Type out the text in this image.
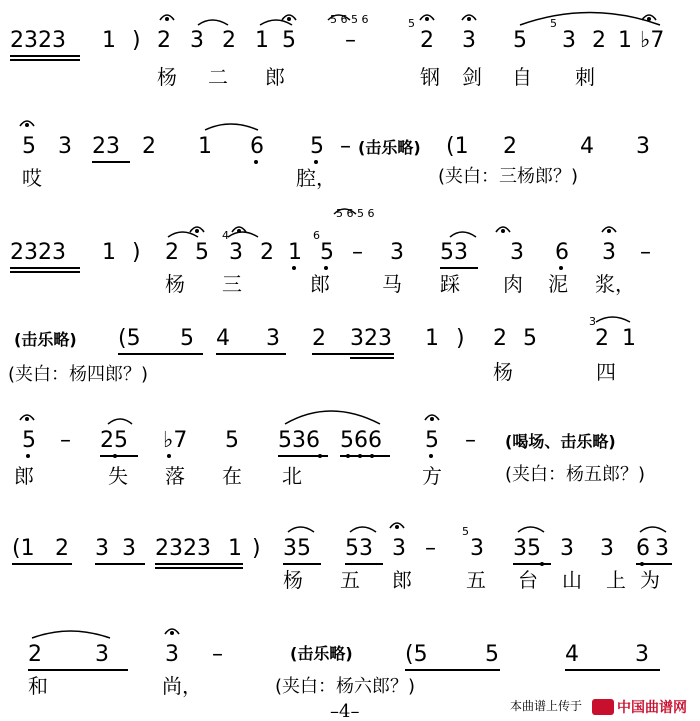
2323 1 ) 2 3 2 1 5 –	2 3 5 3 2 1 ♭7
5 6 5 6	5	5
杨 二 郎	钢 剑 自 刺
5 3 23 2 1 6 5 – (击乐略) (1 2	4 3
哎	腔，	(夹白：三杨郎？)
2323 1 ) 2 5 3 2 1 5 – 3 53 3 6 3 –
5 6 5 6
4	6
杨 三	郎	马 踩 肉 泥 浆，
(击乐略) (5 5 4 3 2 323 1 ) 2 5	2 1
3
(夹白：杨四郎？)	杨	四
5 – 25 ♭7 5 536 566 5 – (喝场、击乐略)
郎	失 落 在 北	方	(夹白：杨五郎？)
(1 2 3 3 2323 1 ) 35 53 3 – 3 35 3 3 6 3
5
杨 五 郎	五 台 山 上 为
2 3	3 –	(击乐略) (5	5	4	3
和	尚，	(夹白：杨六郎？)
本曲谱上传于 中国曲谱网
–4–
